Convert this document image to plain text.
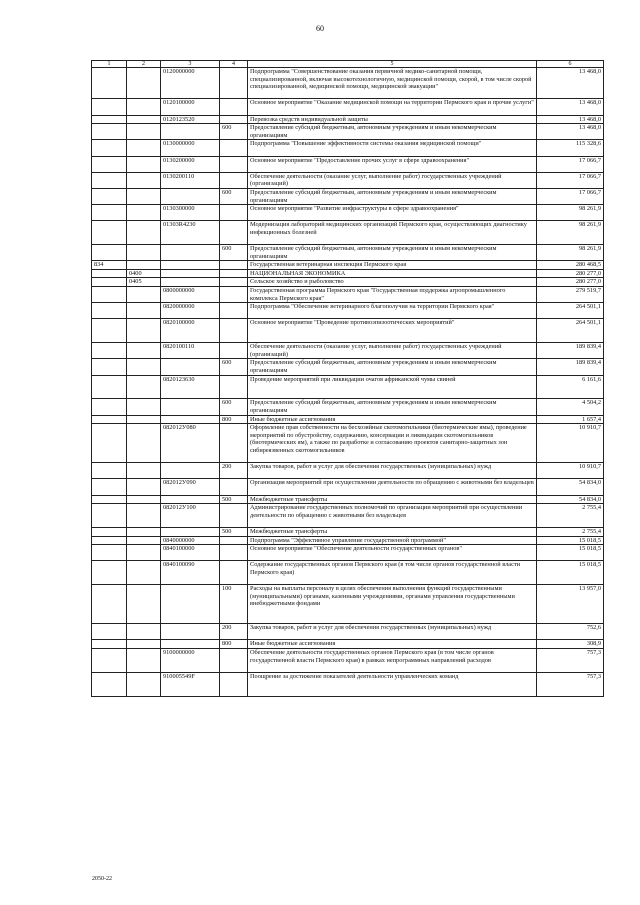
60
1	2	3	4	5	6
		0120000000		Подпрограмма "Совершенствование оказания первичной медико-санитарной помощи, специализированной, включая высокотехнологичную, медицинской помощи, скорой, в том числе скорой специализированной, медицинской помощи, медицинской эвакуации"	13 468,0
		0120100000		Основное мероприятие "Оказание медицинской помощи на территории Пермского края и прочие услуги"	13 468,0
		0120123520		Перевозка средств индивидуальной защиты	13 468,0
			600	Предоставление субсидий бюджетным, автономным учреждениям и иным некоммерческим организациям	13 468,0
		0130000000		Подпрограмма "Повышение эффективности системы оказания медицинской помощи"	115 328,6
		0130200000		Основное мероприятие "Предоставление прочих услуг в сфере здравоохранения"	17 066,7
		0130200110		Обеспечение деятельности (оказание услуг, выполнение работ) государственных учреждений (организаций)	17 066,7
			600	Предоставление субсидий бюджетным, автономным учреждениям и иным некоммерческим организациям	17 066,7
		0130300000		Основное мероприятие "Развитие инфраструктуры в сфере здравоохранения"	98 261,9
		01303R4230		Модернизация лабораторий медицинских организаций Пермского края, осуществляющих диагностику инфекционных болезней	98 261,9
			600	Предоставление субсидий бюджетным, автономным учреждениям и иным некоммерческим организациям	98 261,9
834				Государственная ветеринарная инспекция Пермского края	280 468,5
	0400			НАЦИОНАЛЬНАЯ ЭКОНОМИКА	280 277,0
	0405			Сельское хозяйство и рыболовство	280 277,0
		0800000000		Государственная программа Пермского края "Государственная поддержка агропромышленного комплекса Пермского края"	279 519,7
		0820000000		Подпрограмма "Обеспечение ветеринарного благополучия на территории Пермского края"	264 501,1
		0820100000		Основное мероприятие "Проведение противоэпизоотических мероприятий"	264 501,1
		0820100110		Обеспечение деятельности (оказание услуг, выполнение работ) государственных учреждений (организаций)	189 839,4
			600	Предоставление субсидий бюджетным, автономным учреждениям и иным некоммерческим организациям	189 839,4
		0820123630		Проведение мероприятий при ликвидации очагов африканской чумы свиней	6 161,6
			600	Предоставление субсидий бюджетным, автономным учреждениям и иным некоммерческим организациям	4 504,2
			800	Иные бюджетные ассигнования	1 657,4
		082012У080		Оформление прав собственности на бесхозяйные скотомогильники (биотермические ямы), проведение мероприятий по обустройству, содержанию, консервации и ликвидации скотомогильников (биотермических ям), а также по разработке и согласованию проектов санитарно-защитных зон сибиреязвенных скотомогильников	10 910,7
			200	Закупка товаров, работ и услуг для обеспечения государственных (муниципальных) нужд	10 910,7
		082012У090		Организация мероприятий при осуществлении деятельности по обращению с животными без владельцев	54 834,0
			500	Межбюджетные трансферты	54 834,0
		082012У100		Администрирование государственных полномочий по организации мероприятий при осуществлении деятельности по обращению с животными без владельцев	2 755,4
			500	Межбюджетные трансферты	2 755,4
		0840000000		Подпрограмма "Эффективное управление государственной программой"	15 018,5
		0840100000		Основное мероприятие "Обеспечение деятельности государственных органов"	15 018,5
		0840100090		Содержание государственных органов Пермского края (в том числе органов государственной власти Пермского края)	15 018,5
			100	Расходы на выплаты персоналу в целях обеспечения выполнения функций государственными (муниципальными) органами, казенными учреждениями, органами управления государственными внебюджетными фондами	13 957,0
			200	Закупка товаров, работ и услуг для обеспечения государственных (муниципальных) нужд	752,6
			800	Иные бюджетные ассигнования	308,9
		9100000000		Обеспечение деятельности государственных органов Пермского края (в том числе органов государственной власти Пермского края) в рамках непрограммных направлений расходов	757,3
		910005549F		Поощрение за достижение показателей деятельности управленческих команд	757,3
2050-22
